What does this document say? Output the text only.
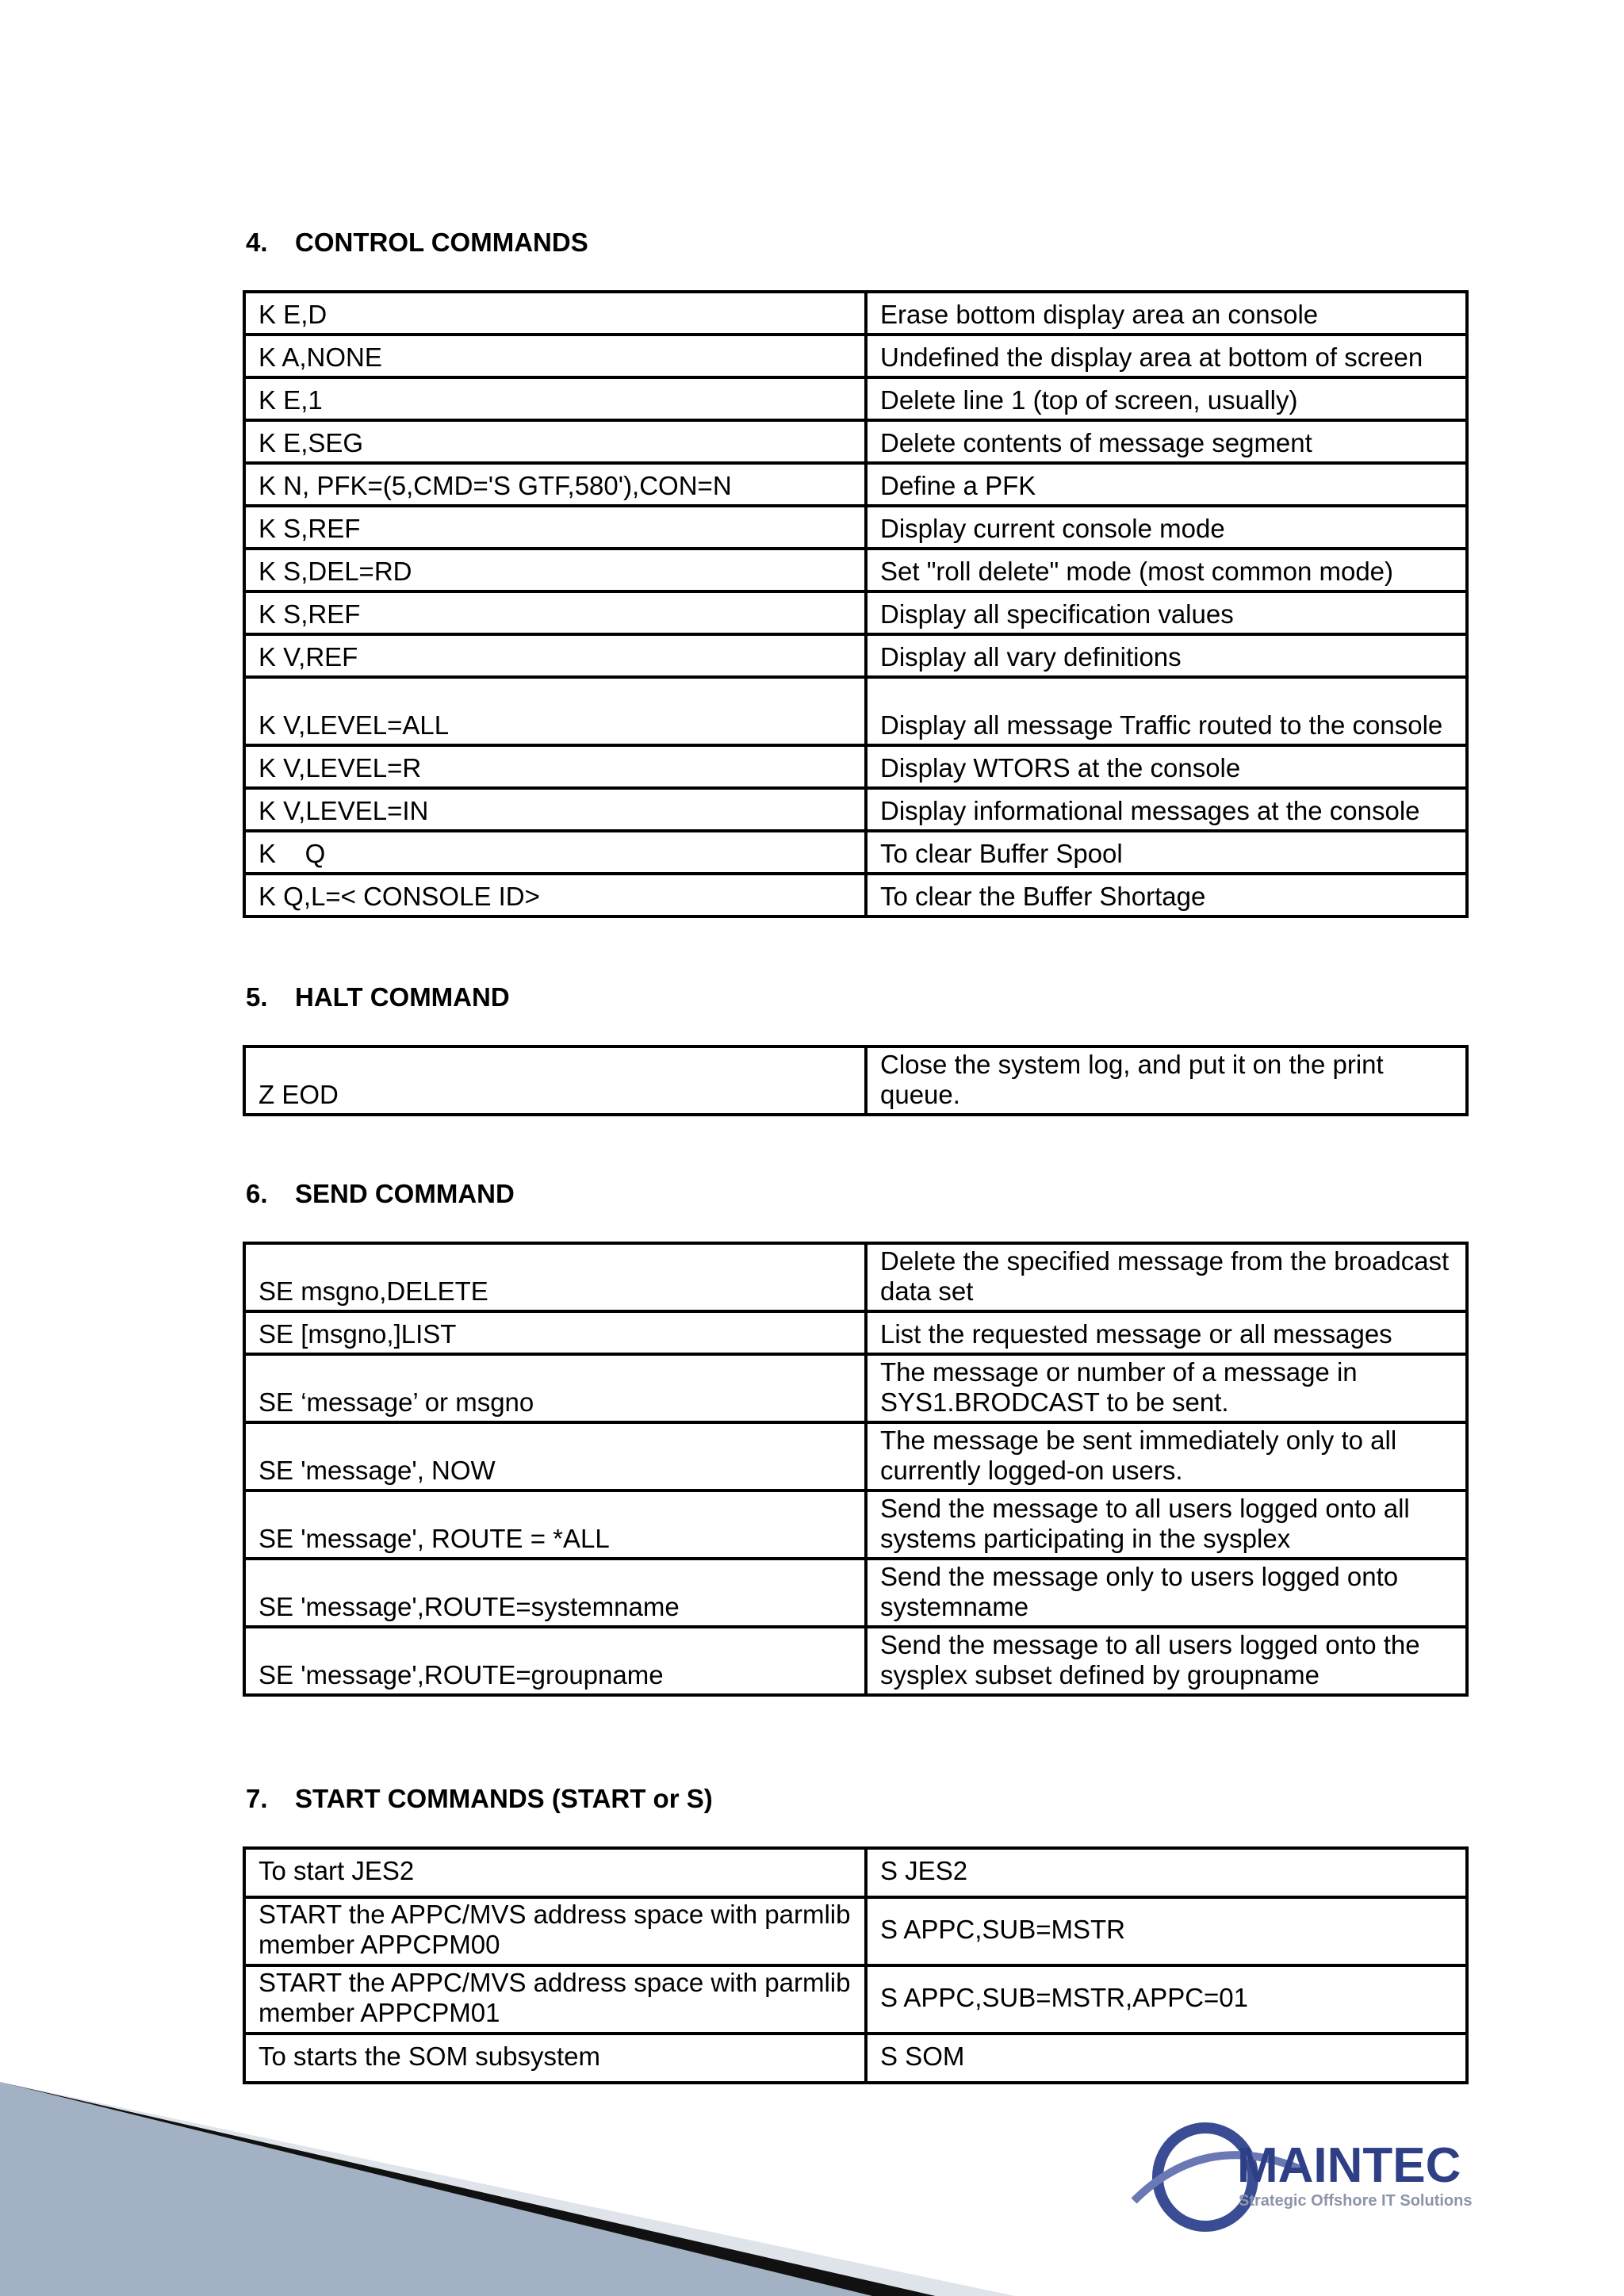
4. CONTROL COMMANDS
K E,D	Erase bottom display area an console
K A,NONE	Undefined the display area at bottom of screen
K E,1	Delete line 1 (top of screen, usually)
K E,SEG	Delete contents of message segment
K N, PFK=(5,CMD='S GTF,580'),CON=N	Define a PFK
K S,REF	Display current console mode
K S,DEL=RD	Set "roll delete" mode (most common mode)
K S,REF	Display all specification values
K V,REF	Display all vary definitions
K V,LEVEL=ALL	Display all message Traffic routed to the console
K V,LEVEL=R	Display WTORS at the console
K V,LEVEL=IN	Display informational messages at the console
K    Q	To clear Buffer Spool
K Q,L=< CONSOLE ID>	To clear the Buffer Shortage
5. HALT COMMAND
Z EOD	Close the system log, and put it on the print queue.
6. SEND COMMAND
SE msgno,DELETE	Delete the specified message from the broadcast data set
SE [msgno,]LIST	List the requested message or all messages
SE ‘message’ or msgno	The message or number of a message in SYS1.BRODCAST to be sent.
SE 'message', NOW	The message be sent immediately only to all currently logged-on users.
SE 'message', ROUTE = *ALL	Send the message to all users logged onto all systems participating in the sysplex
SE 'message',ROUTE=systemname	Send the message only to users logged onto systemname
SE 'message',ROUTE=groupname	Send the message to all users logged onto the sysplex subset defined by groupname
7. START COMMANDS (START or S)
To start JES2	S JES2
START the APPC/MVS address space with parmlib member APPCPM00	S APPC,SUB=MSTR
START the APPC/MVS address space with parmlib member APPCPM01	S APPC,SUB=MSTR,APPC=01
To starts the SOM subsystem	S SOM
MAINTEC
Strategic Offshore IT Solutions
